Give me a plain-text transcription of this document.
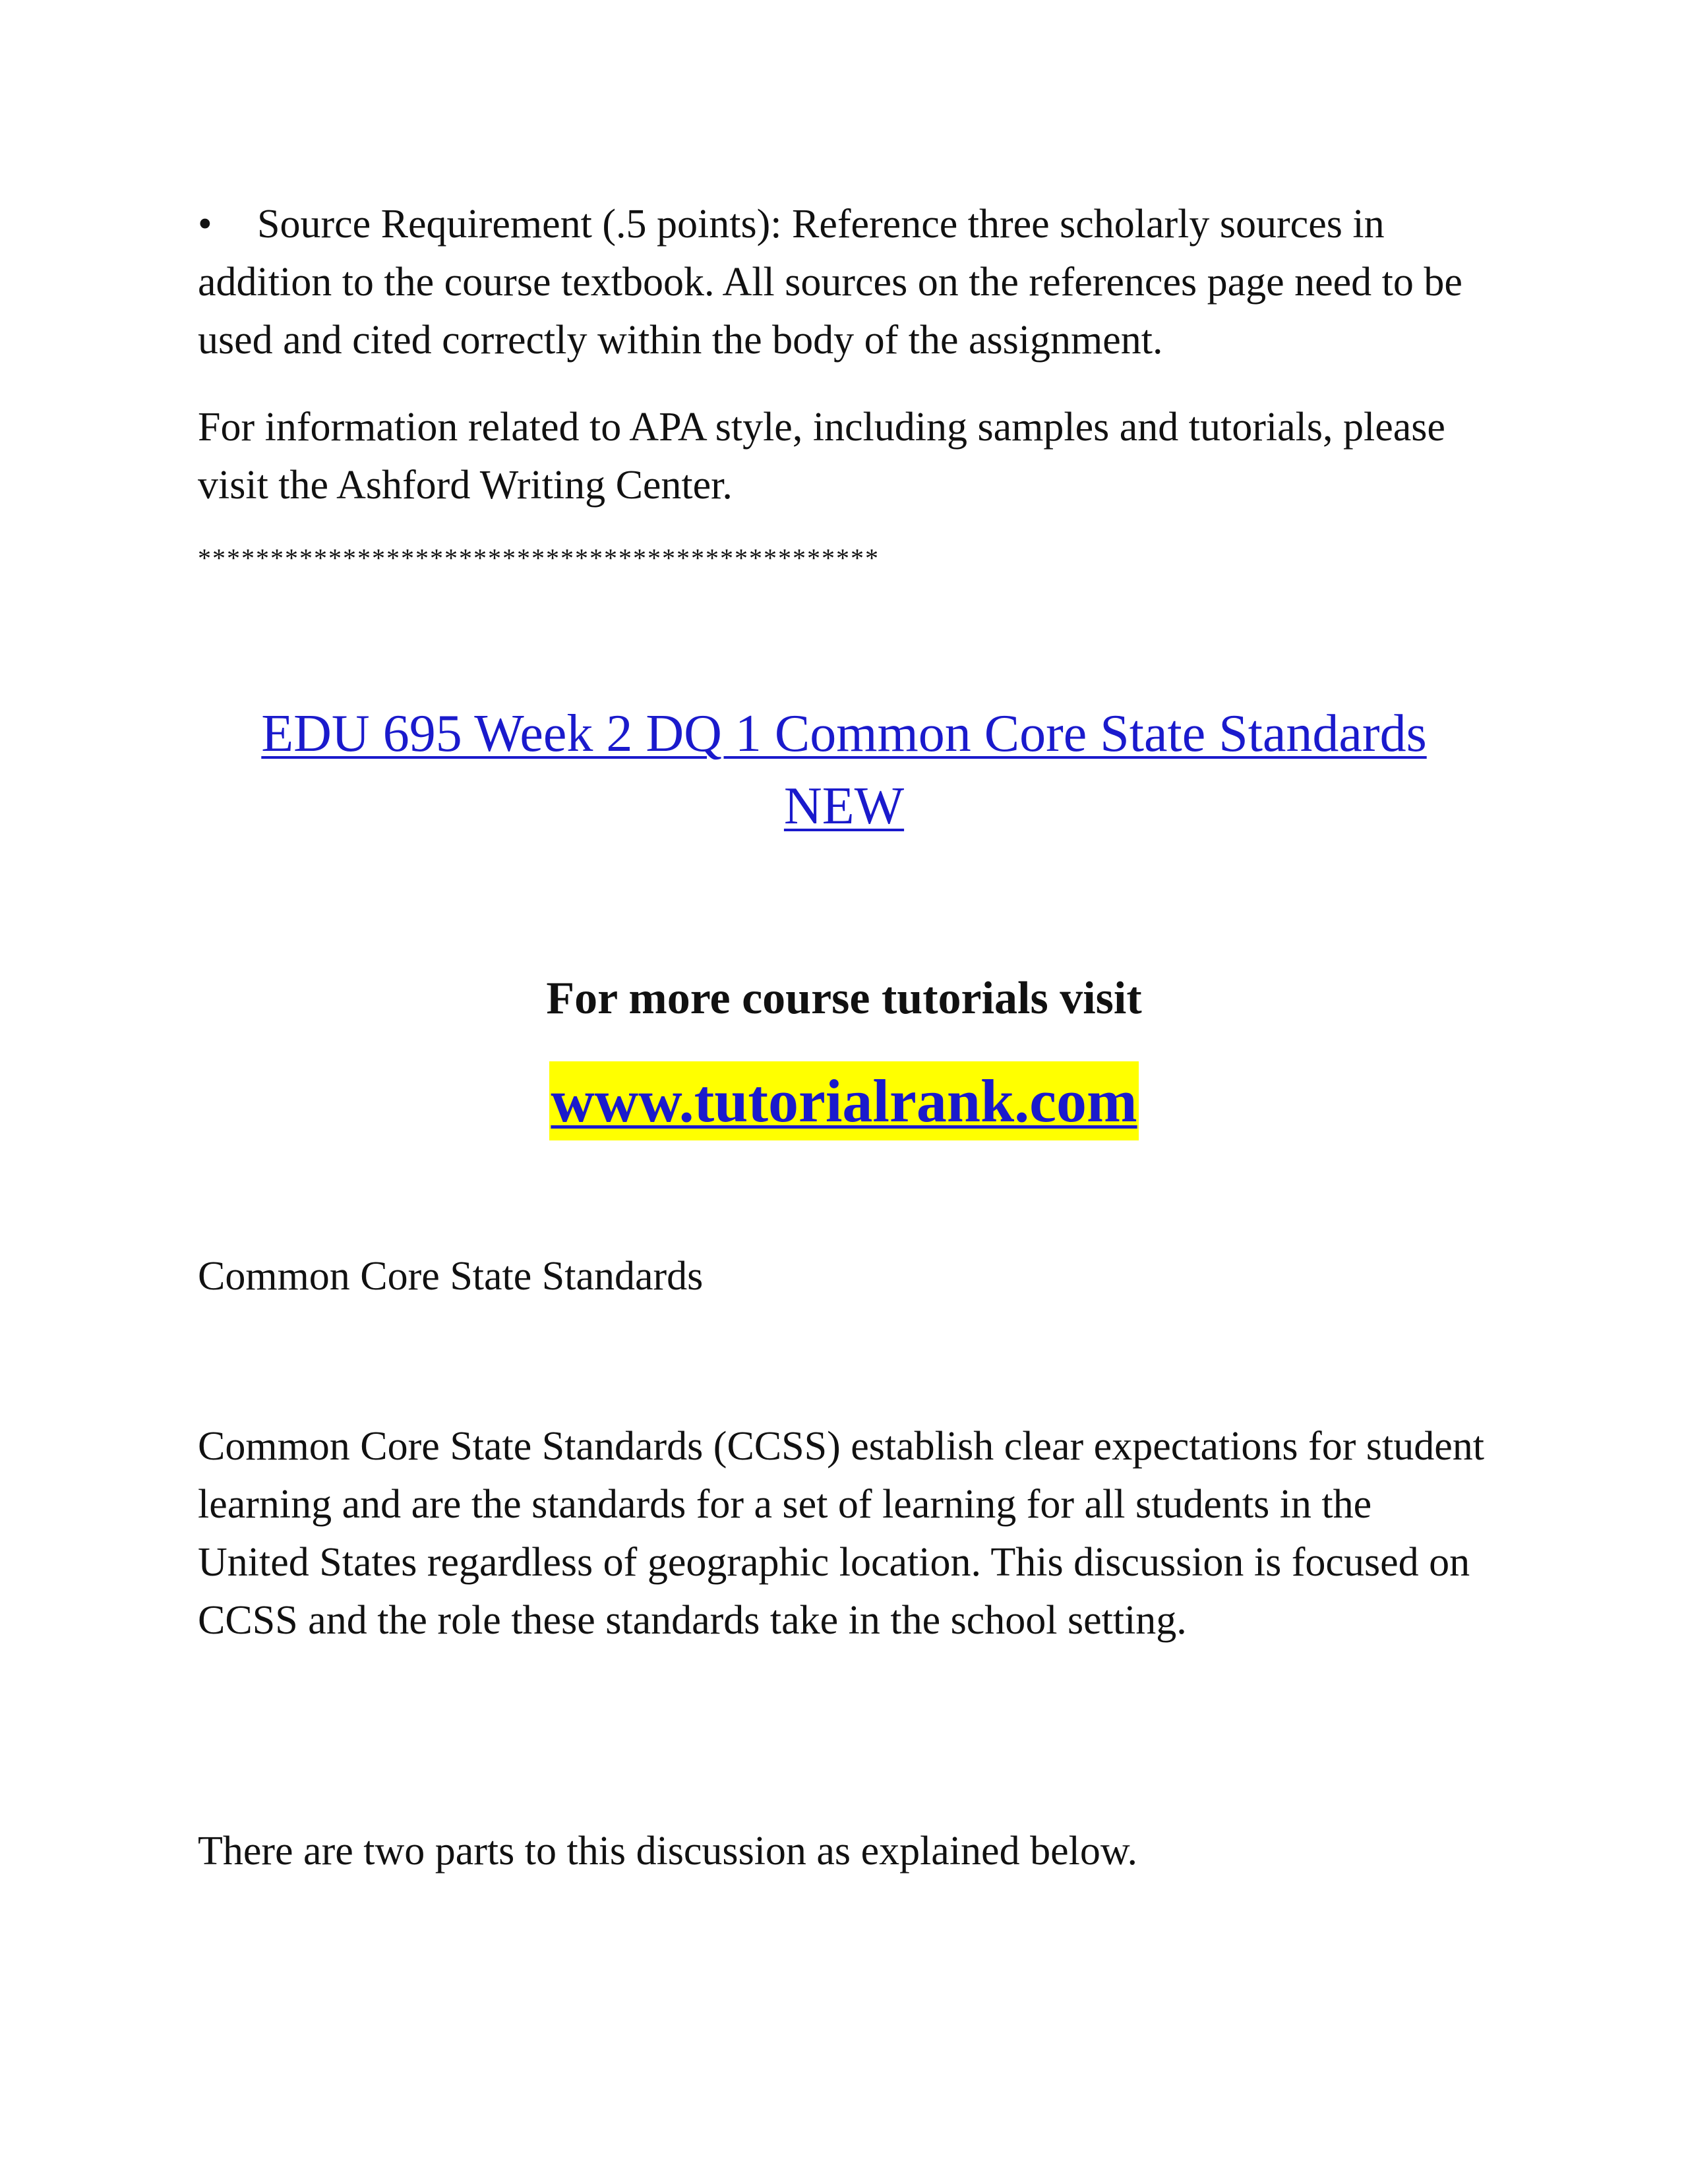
• Source Requirement (.5 points): Reference three scholarly sources in addition to the course textbook. All sources on the references page need to be used and cited correctly within the body of the assignment.
For information related to APA style, including samples and tutorials, please visit the Ashford Writing Center.
***********************************************
EDU 695 Week 2 DQ 1 Common Core State Standards
NEW
For more course tutorials visit
www.tutorialrank.com
Common Core State Standards
Common Core State Standards (CCSS) establish clear expectations for student learning and are the standards for a set of learning for all students in the United States regardless of geographic location. This discussion is focused on CCSS and the role these standards take in the school setting.
There are two parts to this discussion as explained below.
